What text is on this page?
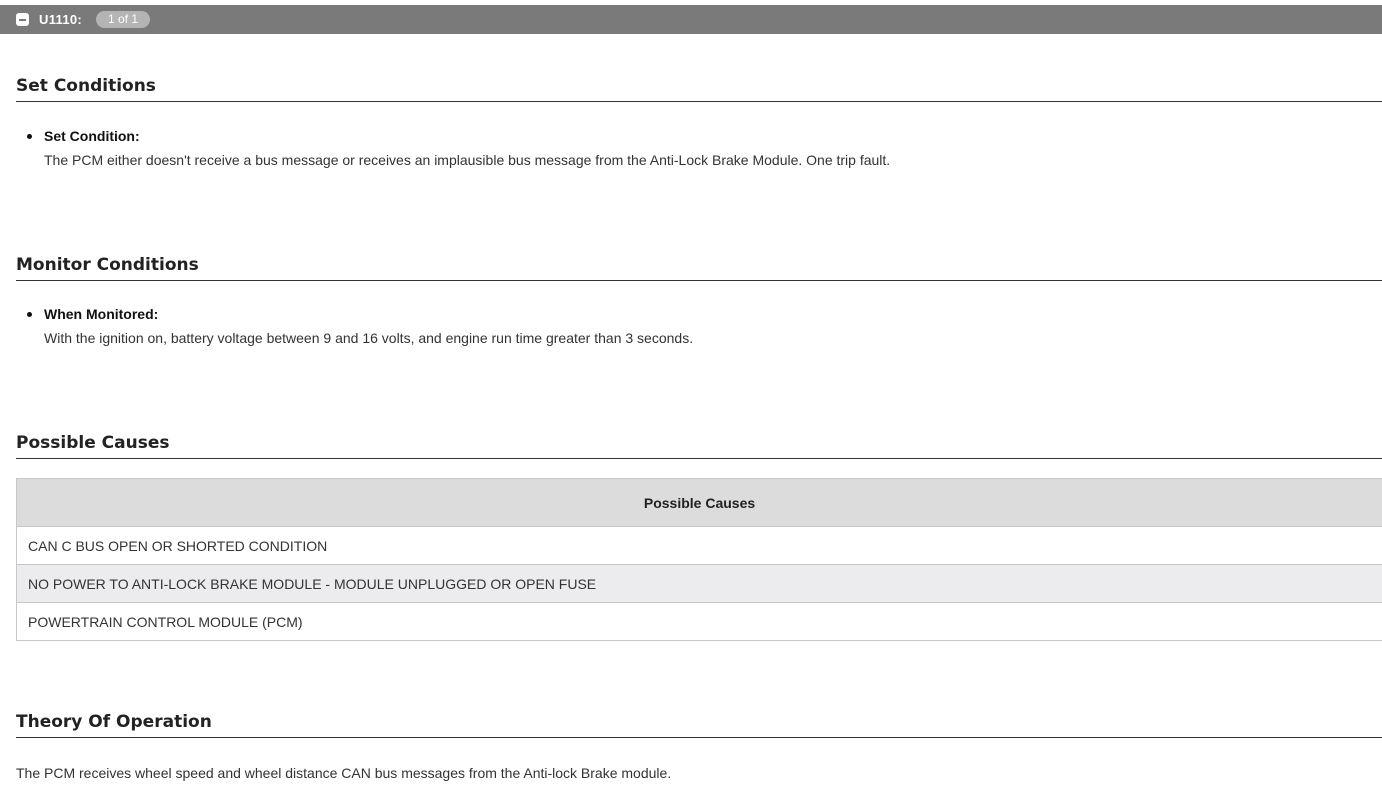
U1110:	1 of 1
Set Conditions
Set Condition:
The PCM either doesn't receive a bus message or receives an implausible bus message from the Anti-Lock Brake Module. One trip fault.
Monitor Conditions
When Monitored:
With the ignition on, battery voltage between 9 and 16 volts, and engine run time greater than 3 seconds.
Possible Causes
Possible Causes
CAN C BUS OPEN OR SHORTED CONDITION
NO POWER TO ANTI-LOCK BRAKE MODULE - MODULE UNPLUGGED OR OPEN FUSE
POWERTRAIN CONTROL MODULE (PCM)
Theory Of Operation
The PCM receives wheel speed and wheel distance CAN bus messages from the Anti-lock Brake module.
